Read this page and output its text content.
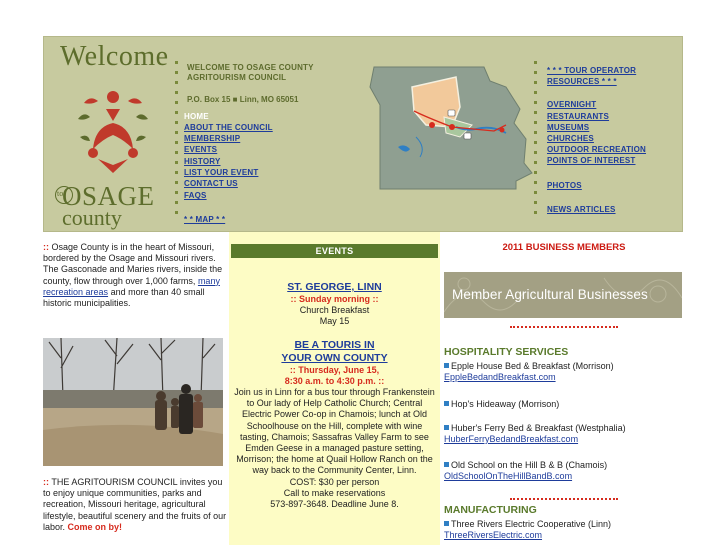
Welcome
to
OSAGE
county
WELCOME TO OSAGE COUNTY AGRITOURISM COUNCIL
P.O. Box 15 ■ Linn, MO 65051
HOME
ABOUT THE COUNCIL
MEMBERSHIP
EVENTS
HISTORY
LIST YOUR EVENT
CONTACT US
FAQS
* * MAP * *
* * * TOUR OPERATOR RESOURCES * * *
OVERNIGHT
RESTAURANTS
MUSEUMS
CHURCHES
OUTDOOR RECREATION
POINTS OF INTEREST
PHOTOS
NEWS ARTICLES

:: Osage County is in the heart of Missouri, bordered by the Osage and Missouri rivers. The Gasconade and Maries rivers, inside the county, flow through over 1,000 farms, many recreation areas and more than 40 small historic municipalities.

:: THE AGRITOURISM COUNCIL invites you to enjoy unique communities, parks and recreation, Missouri heritage, agricultural lifestyle, beautiful scenery and the fruits of our labor. Come on by!

EVENTS
ST. GEORGE, LINN
:: Sunday morning ::
Church Breakfast
May 15
BE A TOURIS IN
YOUR OWN COUNTY
:: Thursday, June 15,
8:30 a.m. to 4:30 p.m. ::
Join us in Linn for a bus tour through Frankenstein to Our lady of Help Catholic Church; Central Electric Power Co-op in Chamois; lunch at Old Schoolhouse on the Hill, complete with wine tasting, Chamois; Sassafras Valley Farm to see Emden Geese in a managed pasture setting, Morrison; the home at Quail Hollow Ranch on the way back to the Community Center, Linn.
COST: $30 per person
Call to make reservations
573-897-3648. Deadline June 8.
2011 BUSINESS MEMBERS
Member Agricultural Businesses
HOSPITALITY SERVICES
Epple House Bed & Breakfast (Morrison)
EppleBedandBreakfast.com
Hop's Hideaway (Morrison)
Huber's Ferry Bed & Breakfast (Westphalia)
HuberFerryBedandBreakfast.com
Old School on the Hill B & B (Chamois)
OldSchoolOnTheHillBandB.com
MANUFACTURING
Three Rivers Electric Cooperative (Linn)
ThreeRiversElectric.com
